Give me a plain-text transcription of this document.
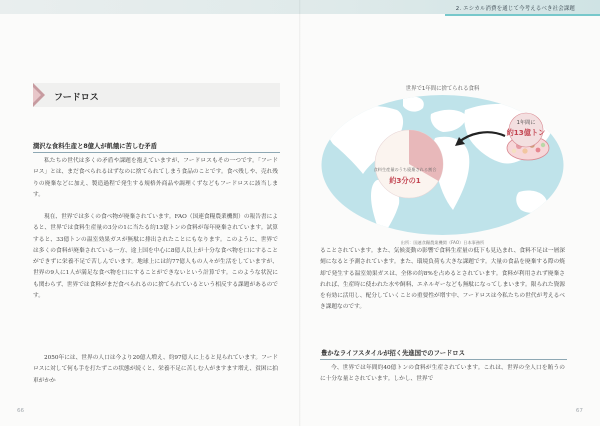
2. エシカル消費を通じて今考えるべき社会課題
フードロス
潤沢な食料生産と8億人が飢餓に苦しむ矛盾

私たちの世代は多くの矛盾や課題を抱えていますが、フードロスもその一つです。「フードロス」とは、まだ食べられるはずなのに捨てられてしまう食品のことです。食べ残しや、売れ残りの廃棄などに加え、製造過程で発生する規格外商品や調理くずなどもフードロスに該当します。

現在、世界では多くの食べ物が廃棄されています。FAO（国連食糧農業機関）の報告書によると、世界では食料生産量の3分の1に当たる約13億トンの食料が毎年廃棄されています。試算すると、33億トンの温室効果ガスが無駄に排出されたことにもなります。このように、世界では多くの食料が廃棄されている一方、途上国を中心に8億人以上が十分な食べ物を口にすることができずに栄養不足で苦しんでいます。地球上には約77億人もの人々が生活をしていますが、世界の9人に1人が満足な食べ物を口にすることができないという計算です。このような状況にも関わらず、世界では食料がまだ食べられるのに捨てられているという相反する課題があるのです。

2050年には、世界の人口は今より20億人増え、約97億人に上ると見られています。フードロスに対して何も手を打たずこの状態が続くと、栄養不足に苦しむ人がますます増え、貧困に拍車がかか

66
世界で1年間に捨てられる食料
1年間に
約13億トン
食料生産量のうち廃棄される割合
約3分の1
出所：国連食糧農業機関（FAO）日本事務所

ることされています。また、気候変動の影響で食料生産量の低下も見込まれ、食料不足は一層深刻になると予測されています。また、環境負荷も大きな課題です。大量の食品を廃棄する際の焼却で発生する温室効果ガスは、全体の約8%を占めるとされています。食料が利用されず廃棄されれば、生産時に使われた水や飼料、エネルギーなども無駄になってしまいます。限られた資源を有効に活用し、配分していくことの重要性が増す中、フードロスは今私たちの世代が考えるべき課題なのです。

豊かなライフスタイルが招く先進国でのフードロス

今、世界では年間約40億トンの食料が生産されています。これは、世界の全人口を賄うのに十分な量とされています。しかし、世界で

67
